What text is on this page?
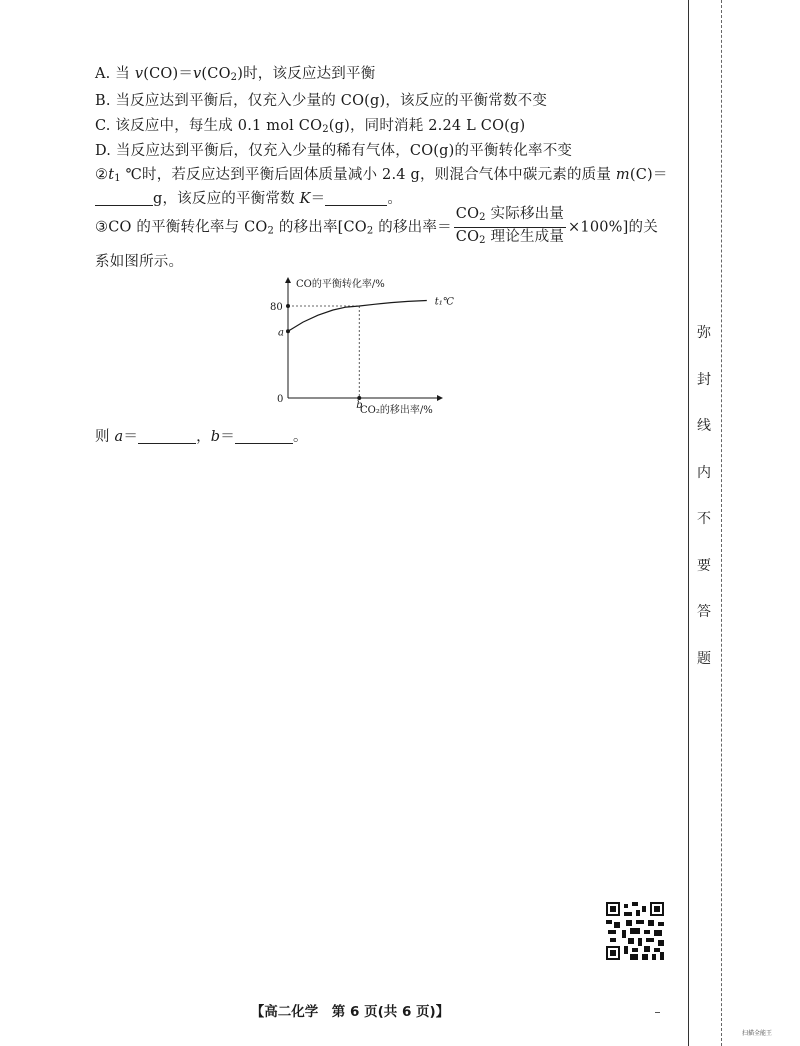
A. 当 $v(CO)=v(CO_2)$时，该反应达到平衡
B. 当反应达到平衡后，仅充入少量的 CO(g)，该反应的平衡常数不变
C. 该反应中，每生成 0.1 mol $CO_2(g)$，同时消耗 2.24 L CO(g)
D. 当反应达到平衡后，仅充入少量的稀有气体，CO(g)的平衡转化率不变
$②t_1$ ℃时，若反应达到平衡后固体质量减小 2.4 g，则混合气体中碳元素的质量 m(C)＝
g，该反应的平衡常数 K＝	。
③CO 的平衡转化率与 $CO_2$ 的移出率[$CO_2$ 的移出率＝ $\frac{CO_2 实际移出量}{CO_2 理论生成量} \times 100\%$]的关
系如图所示。
CO的平衡转化率/%
CO₂的移出率/%
0
80
a
b
t₁℃
则 a＝	，b＝	。
弥
封
线
内
不
要
答
题
【高二化学　第 6 页(共 6 页)】
扫描全能王
